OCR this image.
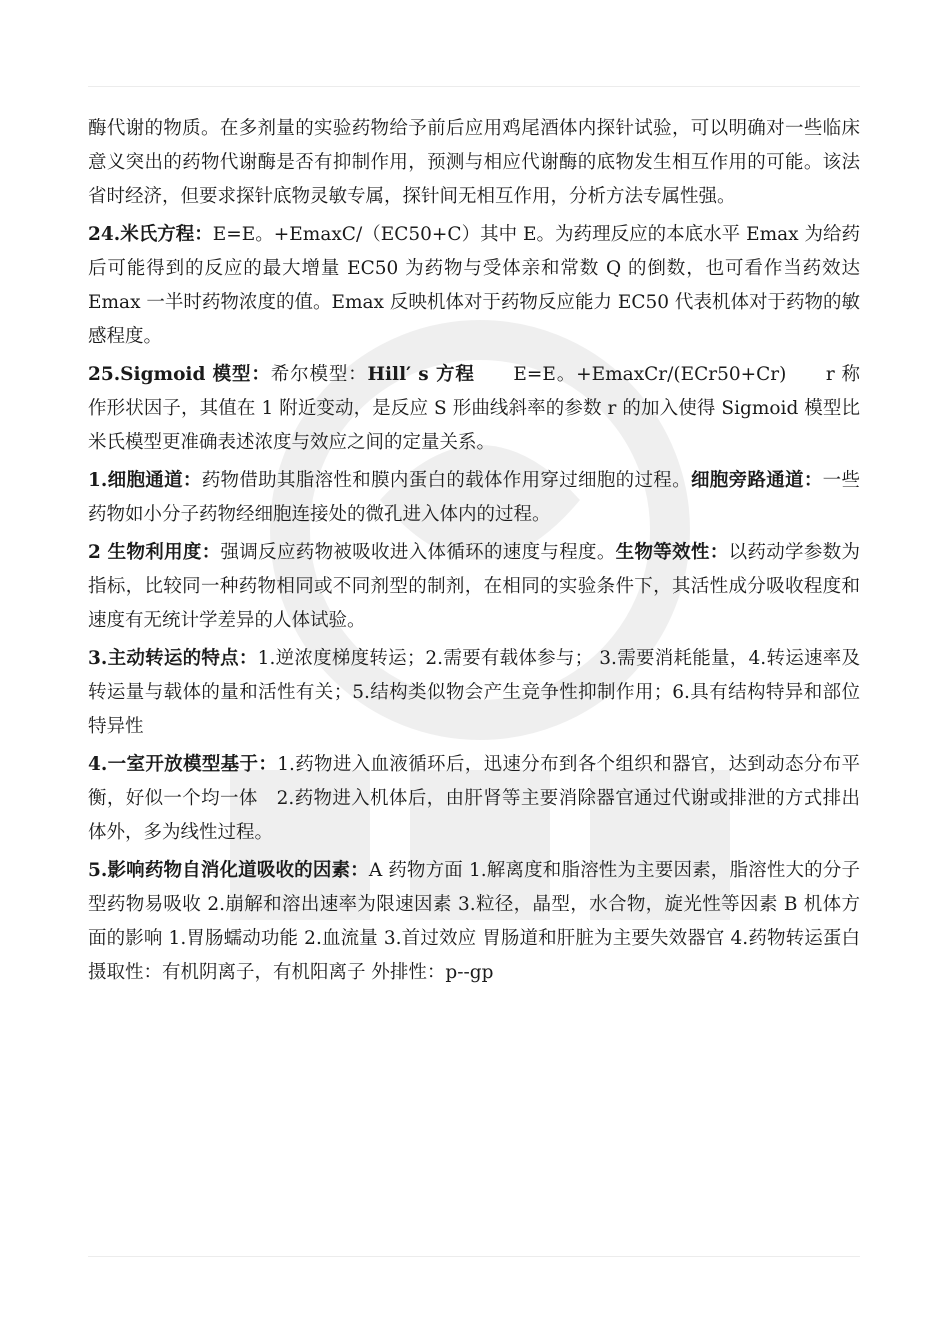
酶代谢的物质。在多剂量的实验药物给予前后应用鸡尾酒体内探针试验，可以明确对一些临床意义突出的药物代谢酶是否有抑制作用，预测与相应代谢酶的底物发生相互作用的可能。该法省时经济，但要求探针底物灵敏专属，探针间无相互作用，分析方法专属性强。

24.米氏方程：E=E。+EmaxC/（EC50+C）其中 E。为药理反应的本底水平 Emax 为给药后可能得到的反应的最大增量 EC50 为药物与受体亲和常数 Q 的倒数，也可看作当药效达 Emax 一半时药物浓度的值。Emax 反映机体对于药物反应能力 EC50 代表机体对于药物的敏感程度。

25.Sigmoid 模型：希尔模型：Hill′ s 方程　　E=E。+EmaxCr/(ECr50+Cr)　　r 称作形状因子，其值在 1 附近变动，是反应 S 形曲线斜率的参数 r 的加入使得 Sigmoid 模型比米氏模型更准确表述浓度与效应之间的定量关系。

1.细胞通道：药物借助其脂溶性和膜内蛋白的载体作用穿过细胞的过程。细胞旁路通道：一些药物如小分子药物经细胞连接处的微孔进入体内的过程。

2 生物利用度：强调反应药物被吸收进入体循环的速度与程度。生物等效性：以药动学参数为指标，比较同一种药物相同或不同剂型的制剂，在相同的实验条件下，其活性成分吸收程度和速度有无统计学差异的人体试验。

3.主动转运的特点：1.逆浓度梯度转运；2.需要有载体参与； 3.需要消耗能量，4.转运速率及转运量与载体的量和活性有关；5.结构类似物会产生竞争性抑制作用；6.具有结构特异和部位特异性

4.一室开放模型基于：1.药物进入血液循环后，迅速分布到各个组织和器官，达到动态分布平衡，好似一个均一体　2.药物进入机体后，由肝肾等主要消除器官通过代谢或排泄的方式排出体外，多为线性过程。

5.影响药物自消化道吸收的因素：A 药物方面 1.解离度和脂溶性为主要因素，脂溶性大的分子型药物易吸收 2.崩解和溶出速率为限速因素 3.粒径，晶型，水合物，旋光性等因素 B 机体方面的影响 1.胃肠蠕动功能 2.血流量 3.首过效应 胃肠道和肝脏为主要失效器官 4.药物转运蛋白 摄取性：有机阴离子，有机阳离子 外排性：p--gp
